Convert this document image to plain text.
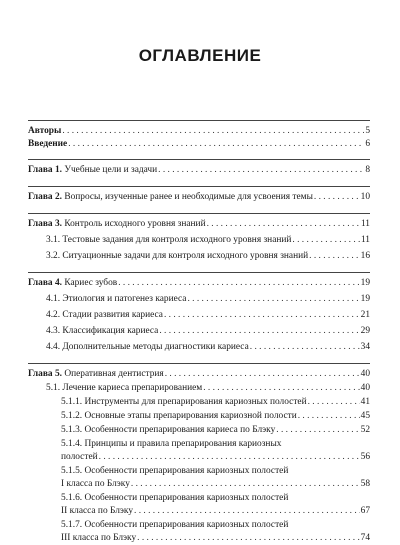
ОГЛАВЛЕНИЕ
Авторы . . .	5
Введение . . .	6
Глава 1. Учебные цели и задачи . . .	8
Глава 2. Вопросы, изученные ранее и необходимые для усвоения темы . . .	10
Глава 3. Контроль исходного уровня знаний . . .	11
3.1. Тестовые задания для контроля исходного уровня знаний . . .	11
3.2. Ситуационные задачи для контроля исходного уровня знаний . . .	16
Глава 4. Кариес зубов . . .	19
4.1. Этиология и патогенез кариеса . . .	19
4.2. Стадии развития кариеса . . .	21
4.3. Классификация кариеса . . .	29
4.4. Дополнительные методы диагностики кариеса . . .	34
Глава 5. Оперативная дентистрия . . .	40
5.1. Лечение кариеса препарированием . . .	40
5.1.1. Инструменты для препарирования кариозных полостей . . .	41
5.1.2. Основные этапы препарирования кариозной полости . . .	45
5.1.3. Особенности препарирования кариеса по Блэку . . .	52
5.1.4. Принципы и правила препарирования кариозных
полостей . . .	56
5.1.5. Особенности препарирования кариозных полостей
I класса по Блэку . . .	58
5.1.6. Особенности препарирования кариозных полостей
II класса по Блэку . . .	67
5.1.7. Особенности препарирования кариозных полостей
III класса по Блэку . . .	74
